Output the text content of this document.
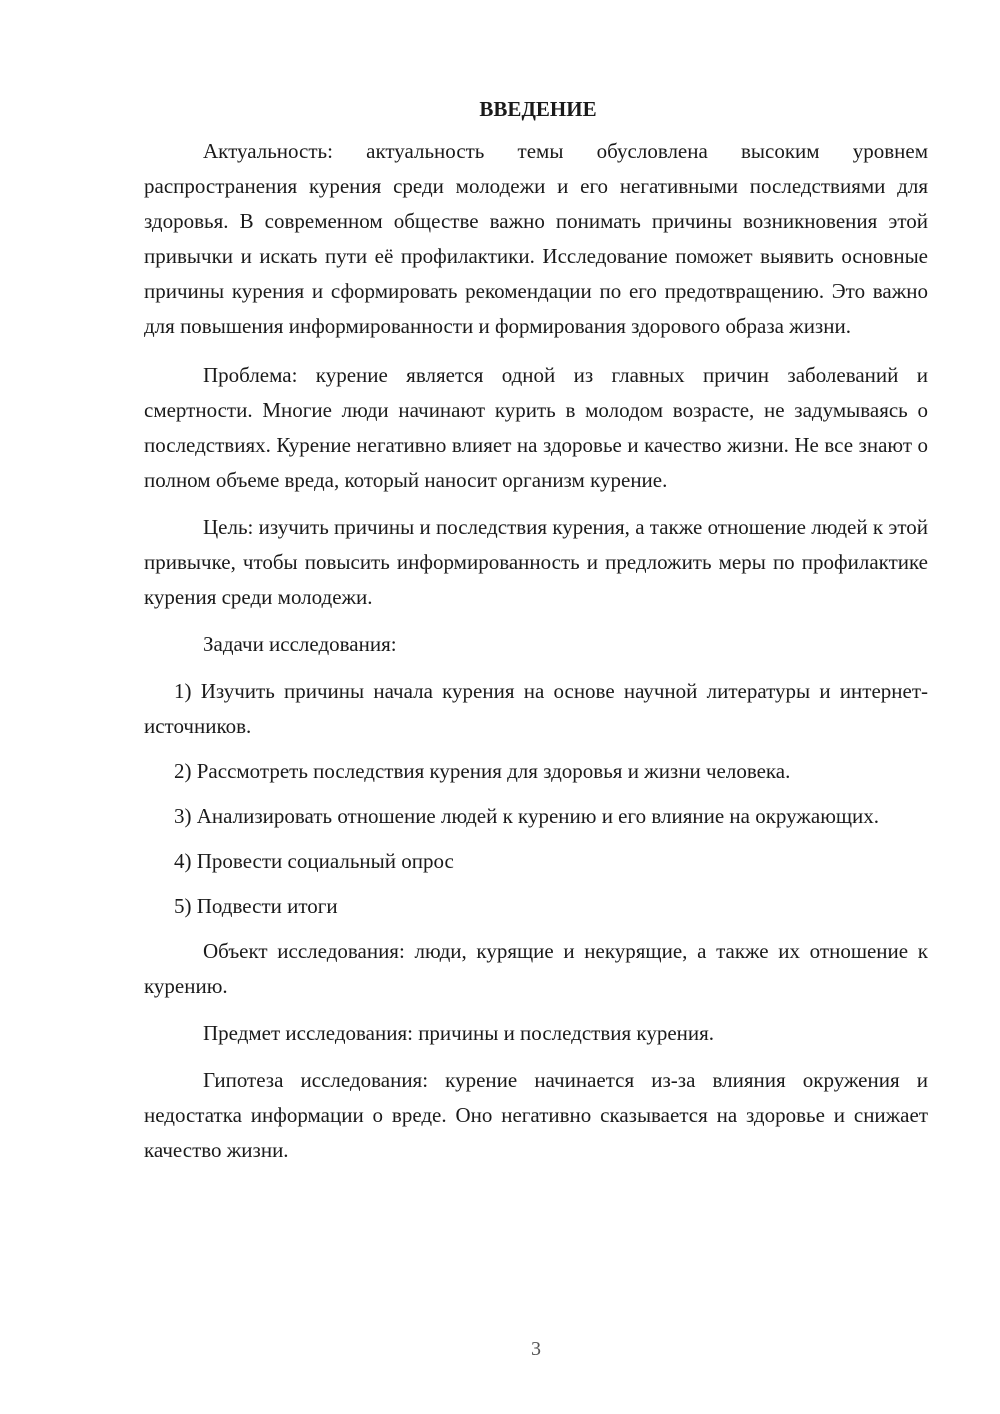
ВВЕДЕНИЕ

Актуальность: актуальность темы обусловлена высоким уровнем распространения курения среди молодежи и его негативными последствиями для здоровья. В современном обществе важно понимать причины возникновения этой привычки и искать пути её профилактики. Исследование поможет выявить основные причины курения и сформировать рекомендации по его предотвращению. Это важно для повышения информированности и формирования здорового образа жизни.

Проблема: курение является одной из главных причин заболеваний и смертности. Многие люди начинают курить в молодом возрасте, не задумываясь о последствиях. Курение негативно влияет на здоровье и качество жизни. Не все знают о полном объеме вреда, который наносит организм курение.

Цель: изучить причины и последствия курения, а также отношение людей к этой привычке, чтобы повысить информированность и предложить меры по профилактике курения среди молодежи.

Задачи исследования:

1) Изучить причины начала курения на основе научной литературы и интернет-источников.

2) Рассмотреть последствия курения для здоровья и жизни человека.

3) Анализировать отношение людей к курению и его влияние на окружающих.

4) Провести социальный опрос

5) Подвести итоги

Объект исследования: люди, курящие и некурящие, а также их отношение к курению.

Предмет исследования: причины и последствия курения.

Гипотеза исследования: курение начинается из-за влияния окружения и недостатка информации о вреде. Оно негативно сказывается на здоровье и снижает качество жизни.

3
